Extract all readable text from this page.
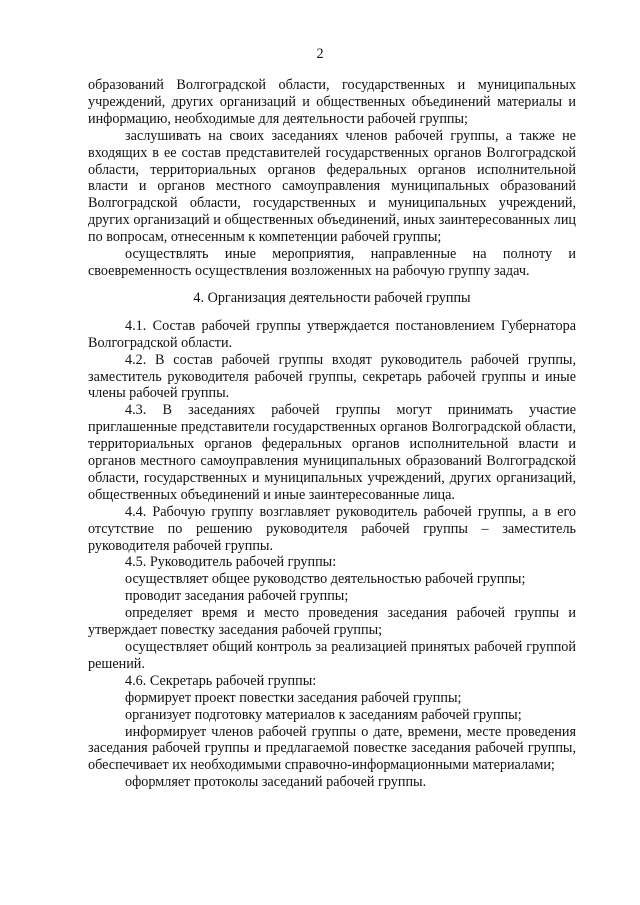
2

образований Волгоградской области, государственных и муниципальных учреждений, других организаций и общественных объединений материалы и информацию, необходимые для деятельности рабочей группы;

заслушивать на своих заседаниях членов рабочей группы, а также не входящих в ее состав представителей государственных органов Волгоградской области, территориальных органов федеральных органов исполнительной власти и органов местного самоуправления муниципальных образований Волгоградской области, государственных и муниципальных учреждений, других организаций и общественных объединений, иных заинтересованных лиц по вопросам, отнесенным к компетенции рабочей группы;

осуществлять иные мероприятия, направленные на полноту и своевременность осуществления возложенных на рабочую группу задач.

4. Организация деятельности рабочей группы

4.1. Состав рабочей группы утверждается постановлением Губернатора Волгоградской области.

4.2. В состав рабочей группы входят руководитель рабочей группы, заместитель руководителя рабочей группы, секретарь рабочей группы и иные члены рабочей группы.

4.3. В заседаниях рабочей группы могут принимать участие приглашенные представители государственных органов Волгоградской области, территориальных органов федеральных органов исполнительной власти и органов местного самоуправления муниципальных образований Волгоградской области, государственных и муниципальных учреждений, других организаций, общественных объединений и иные заинтересованные лица.

4.4. Рабочую группу возглавляет руководитель рабочей группы, а в его отсутствие по решению руководителя рабочей группы – заместитель руководителя рабочей группы.

4.5. Руководитель рабочей группы:

осуществляет общее руководство деятельностью рабочей группы;

проводит заседания рабочей группы;

определяет время и место проведения заседания рабочей группы и утверждает повестку заседания рабочей группы;

осуществляет общий контроль за реализацией принятых рабочей группой решений.

4.6. Секретарь рабочей группы:

формирует проект повестки заседания рабочей группы;

организует подготовку материалов к заседаниям рабочей группы;

информирует членов рабочей группы о дате, времени, месте проведения заседания рабочей группы и предлагаемой повестке заседания рабочей группы, обеспечивает их необходимыми справочно-информационными материалами;

оформляет протоколы заседаний рабочей группы.
